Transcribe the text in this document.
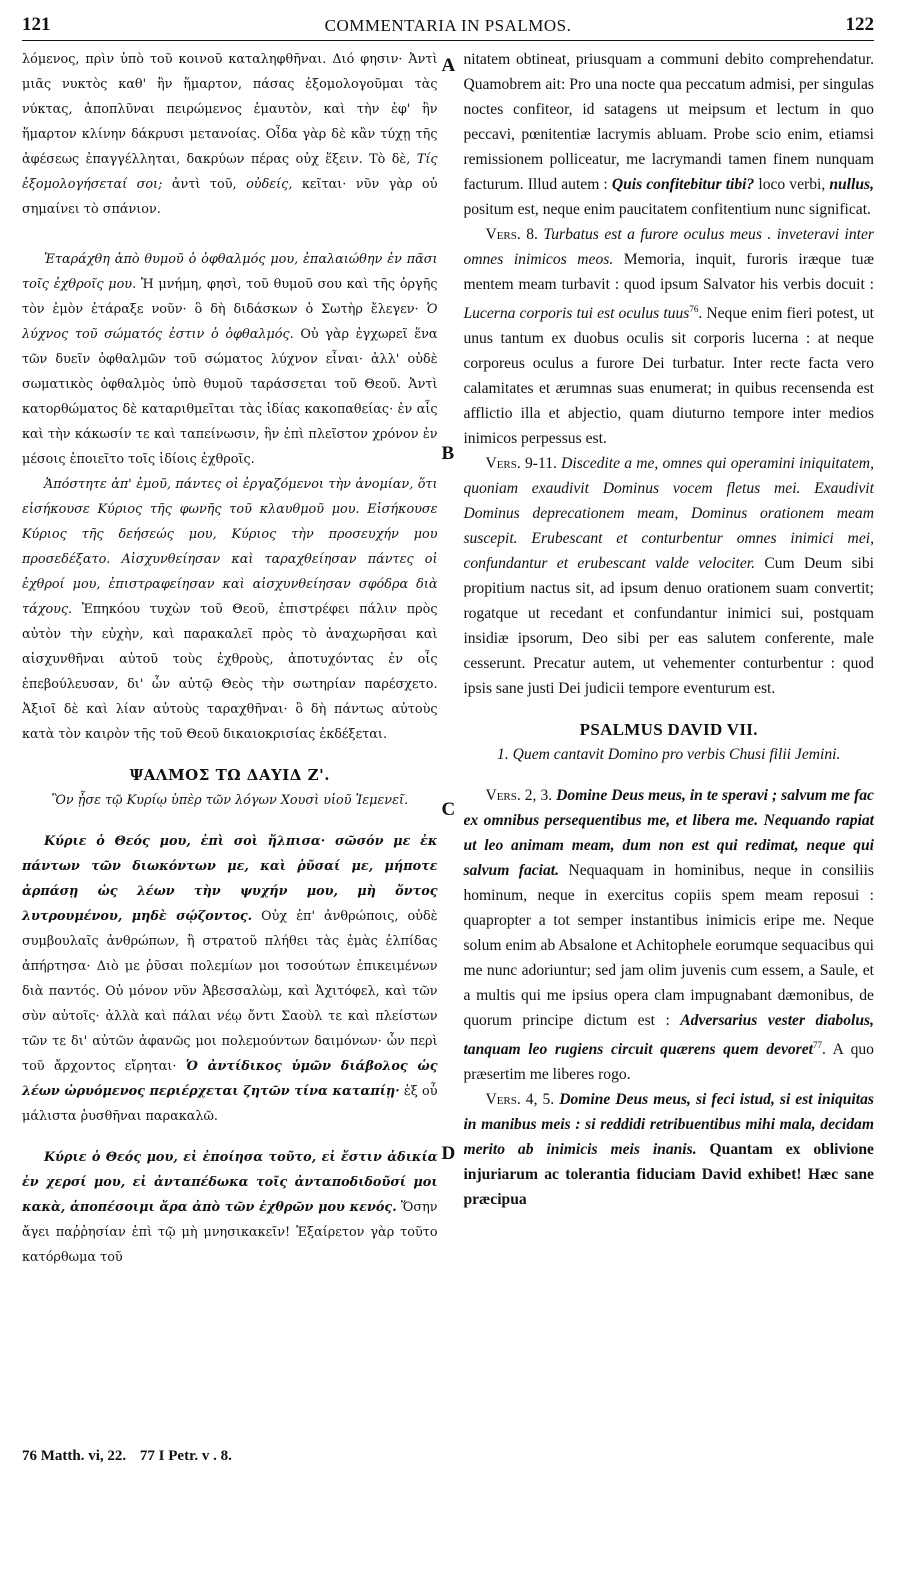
121	COMMENTARIA IN PSALMOS.	122

λόμενος, πρὶν ὑπὸ τοῦ κοινοῦ καταληφθῆναι. Διό φησιν· Ἀντὶ μιᾶς νυκτὸς καθ' ἣν ἥμαρτον, πάσας ἐξομολογοῦμαι τὰς νύκτας, ἀποπλῦναι πειρώμενος ἐμαυτὸν, καὶ τὴν ἐφ' ἣν ἥμαρτον κλίνην δάκρυσι μετανοίας. Οἶδα γὰρ δὲ κἂν τύχῃ τῆς ἀφέσεως ἐπαγγέλληται, δακρύων πέρας οὐχ ἕξειν. Τὸ δὲ, Τίς ἐξομολογήσεταί σοι; ἀντὶ τοῦ, οὐδείς, κεῖται· νῦν γὰρ οὐ σημαίνει τὸ σπάνιον.

Ἐταράχθη ἀπὸ θυμοῦ ὁ ὀφθαλμός μου, ἐπαλαιώθην ἐν πᾶσι τοῖς ἐχθροῖς μου. Ἡ μνήμη, φησὶ, τοῦ θυμοῦ σου καὶ τῆς ὀργῆς τὸν ἐμὸν ἐτάραξε νοῦν· ὃ δὴ διδάσκων ὁ Σωτὴρ ἔλεγεν· Ὁ λύχνος τοῦ σώματός ἐστιν ὁ ὀφθαλμός. Οὐ γὰρ ἐγχωρεῖ ἕνα τῶν δυεῖν ὀφθαλμῶν τοῦ σώματος λύχνον εἶναι· ἀλλ' οὐδὲ σωματικὸς ὀφθαλμὸς ὑπὸ θυμοῦ ταράσσεται τοῦ Θεοῦ. Ἀντὶ κατορθώματος δὲ καταριθμεῖται τὰς ἰδίας κακοπαθείας· ἐν αἷς καὶ τὴν κάκωσίν τε καὶ ταπείνωσιν, ἣν ἐπὶ πλεῖστον χρόνον ἐν μέσοις ἐποιεῖτο τοῖς ἰδίοις ἐχθροῖς.

Ἀπόστητε ἀπ' ἐμοῦ, πάντες οἱ ἐργαζόμενοι τὴν ἀνομίαν, ὅτι εἰσήκουσε Κύριος τῆς φωνῆς τοῦ κλαυθμοῦ μου. Εἰσήκουσε Κύριος τῆς δεήσεώς μου, Κύριος τὴν προσευχήν μου προσεδέξατο. Αἰσχυνθείησαν καὶ ταραχθείησαν πάντες οἱ ἐχθροί μου, ἐπιστραφείησαν καὶ αἰσχυνθείησαν σφόδρα διὰ τάχους. Ἐπηκόου τυχὼν τοῦ Θεοῦ, ἐπιστρέφει πάλιν πρὸς αὐτὸν τὴν εὐχὴν, καὶ παρακαλεῖ πρὸς τὸ ἀναχωρῆσαι καὶ αἰσχυνθῆναι αὐτοῦ τοὺς ἐχθροὺς, ἀποτυχόντας ἐν οἷς ἐπεβούλευσαν, δι' ὧν αὐτῷ Θεὸς τὴν σωτηρίαν παρέσχετο. Ἀξιοῖ δὲ καὶ λίαν αὐτοὺς ταραχθῆναι· ὃ δὴ πάντως αὐτοὺς κατὰ τὸν καιρὸν τῆς τοῦ Θεοῦ δικαιοκρισίας ἐκδέξεται.

ΨΑΛΜΟΣ ΤΩ ΔΑΥΙΔ Ζ'.

Ὃν ᾖσε τῷ Κυρίῳ ὑπὲρ τῶν λόγων Χουσὶ υἱοῦ Ἰεμενεῖ.

Κύριε ὁ Θεός μου, ἐπὶ σοὶ ἤλπισα· σῶσόν με ἐκ πάντων τῶν διωκόντων με, καὶ ῥῦσαί με, μήποτε ἁρπάσῃ ὡς λέων τὴν ψυχήν μου, μὴ ὄντος λυτρουμένου, μηδὲ σῴζοντος. Οὐχ ἐπ' ἀνθρώποις, οὐδὲ συμβουλαῖς ἀνθρώπων, ἢ στρατοῦ πλήθει τὰς ἐμὰς ἐλπίδας ἀπήρτησα· Διὸ με ῥῦσαι πολεμίων μοι τοσούτων ἐπικειμένων διὰ παντός. Οὐ μόνον νῦν Ἀβεσσαλὼμ, καὶ Ἀχιτόφελ, καὶ τῶν σὺν αὐτοῖς· ἀλλὰ καὶ πάλαι νέῳ ὄντι Σαοὺλ τε καὶ πλείστων τῶν τε δι' αὐτῶν ἀφανῶς μοι πολεμούντων δαιμόνων· ὧν περὶ τοῦ ἄρχοντος εἴρηται· Ὁ ἀντίδικος ὑμῶν διάβολος ὡς λέων ὠρυόμενος περιέρχεται ζητῶν τίνα καταπίῃ· ἐξ οὗ μάλιστα ῥυσθῆναι παρακαλῶ.

Κύριε ὁ Θεός μου, εἰ ἐποίησα τοῦτο, εἰ ἔστιν ἀδικία ἐν χερσί μου, εἰ ἀνταπέδωκα τοῖς ἀνταποδιδοῦσί μοι κακὰ, ἀποπέσοιμι ἄρα ἀπὸ τῶν ἐχθρῶν μου κενός. Ὅσην ἄγει παῤῥησίαν ἐπὶ τῷ μὴ μνησικακεῖν! Ἐξαίρετον γὰρ τοῦτο κατόρθωμα τοῦ

A
B
C
D

nitatem obtineat, priusquam a communi debito comprehendatur. Quamobrem ait: Pro una nocte qua peccatum admisi, per singulas noctes confiteor, id satagens ut meipsum et lectum in quo peccavi, pœnitentiæ lacrymis abluam. Probe scio enim, etiamsi remissionem polliceatur, me lacrymandi tamen finem nunquam facturum. Illud autem : Quis confitebitur tibi? loco verbi, nullus, positum est, neque enim paucitatem confitentium nunc significat.

Vers. 8. Turbatus est a furore oculus meus . inveteravi inter omnes inimicos meos. Memoria, inquit, furoris iræque tuæ mentem meam turbavit : quod ipsum Salvator his verbis docuit : Lucerna corporis tui est oculus tuus$^{76}$. Neque enim fieri potest, ut unus tantum ex duobus oculis sit corporis lucerna : at neque corporeus oculus a furore Dei turbatur. Inter recte facta vero calamitates et ærumnas suas enumerat; in quibus recensenda est afflictio illa et abjectio, quam diuturno tempore inter medios inimicos perpessus est.

Vers. 9-11. Discedite a me, omnes qui operamini iniquitatem, quoniam exaudivit Dominus vocem fletus mei. Exaudivit Dominus deprecationem meam, Dominus orationem meam suscepit. Erubescant et conturbentur omnes inimici mei, confundantur et erubescant valde velociter. Cum Deum sibi propitium nactus sit, ad ipsum denuo orationem suam convertit; rogatque ut recedant et confundantur inimici sui, postquam insidiæ ipsorum, Deo sibi per eas salutem conferente, male cesserunt. Precatur autem, ut vehementer conturbentur : quod ipsis sane justi Dei judicii tempore eventurum est.

PSALMUS DAVID VII.

1. Quem cantavit Domino pro verbis Chusi filii Jemini.

Vers. 2, 3. Domine Deus meus, in te speravi ; salvum me fac ex omnibus persequentibus me, et libera me. Nequando rapiat ut leo animam meam, dum non est qui redimat, neque qui salvum faciat. Nequaquam in hominibus, neque in consiliis hominum, neque in exercitus copiis spem meam reposui : quapropter a tot semper instantibus inimicis eripe me. Neque solum enim ab Absalone et Achitophele eorumque sequacibus qui me nunc adoriuntur; sed jam olim juvenis cum essem, a Saule, et a multis qui me ipsius opera clam impugnabant dæmonibus, de quorum principe dictum est : Adversarius vester diabolus, tanquam leo rugiens circuit quærens quem devoret$^{77}$. A quo præsertim me liberes rogo.

Vers. 4, 5. Domine Deus meus, si feci istud, si est iniquitas in manibus meis : si reddidi retribuentibus mihi mala, decidam merito ab inimicis meis inanis. Quantam ex oblivione injuriarum ac tolerantia fiduciam David exhibet! Hæc sane præcipua

76 Matth. vi, 22. 77 I Petr. v . 8.
